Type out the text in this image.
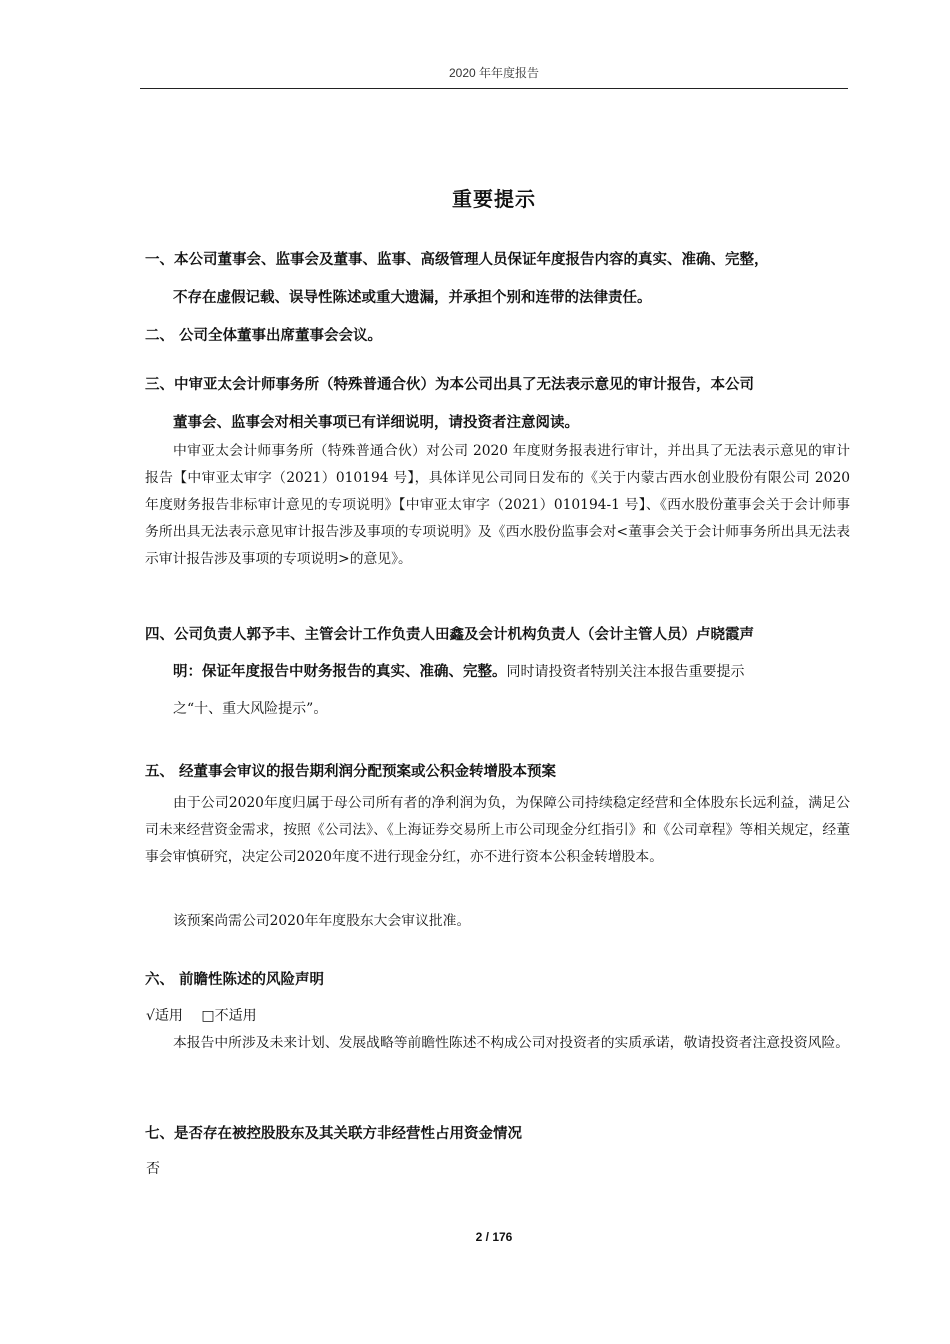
2020 年年度报告
重要提示
一、本公司董事会、监事会及董事、监事、高级管理人员保证年度报告内容的真实、准确、完整，
不存在虚假记载、误导性陈述或重大遗漏，并承担个别和连带的法律责任。
二、 公司全体董事出席董事会会议。
三、中审亚太会计师事务所（特殊普通合伙）为本公司出具了无法表示意见的审计报告，本公司
董事会、监事会对相关事项已有详细说明，请投资者注意阅读。
中审亚太会计师事务所（特殊普通合伙）对公司 2020 年度财务报表进行审计，并出具了无法表示意见的审计报告【中审亚太审字（2021）010194 号】，具体详见公司同日发布的《关于内蒙古西水创业股份有限公司 2020 年度财务报告非标审计意见的专项说明》【中审亚太审字（2021）010194-1 号】、《西水股份董事会关于会计师事务所出具无法表示意见审计报告涉及事项的专项说明》及《西水股份监事会对<董事会关于会计师事务所出具无法表示审计报告涉及事项的专项说明>的意见》。
四、公司负责人郭予丰、主管会计工作负责人田鑫及会计机构负责人（会计主管人员）卢晓霞声
明：保证年度报告中财务报告的真实、准确、完整。同时请投资者特别关注本报告重要提示
之“十、重大风险提示”。
五、 经董事会审议的报告期利润分配预案或公积金转增股本预案
由于公司2020年度归属于母公司所有者的净利润为负，为保障公司持续稳定经营和全体股东长远利益，满足公司未来经营资金需求，按照《公司法》、《上海证券交易所上市公司现金分红指引》和《公司章程》等相关规定，经董事会审慎研究，决定公司2020年度不进行现金分红，亦不进行资本公积金转增股本。
该预案尚需公司2020年年度股东大会审议批准。
六、 前瞻性陈述的风险声明
√适用 □不适用
本报告中所涉及未来计划、发展战略等前瞻性陈述不构成公司对投资者的实质承诺，敬请投资者注意投资风险。
七、是否存在被控股股东及其关联方非经营性占用资金情况
否
2 / 176
